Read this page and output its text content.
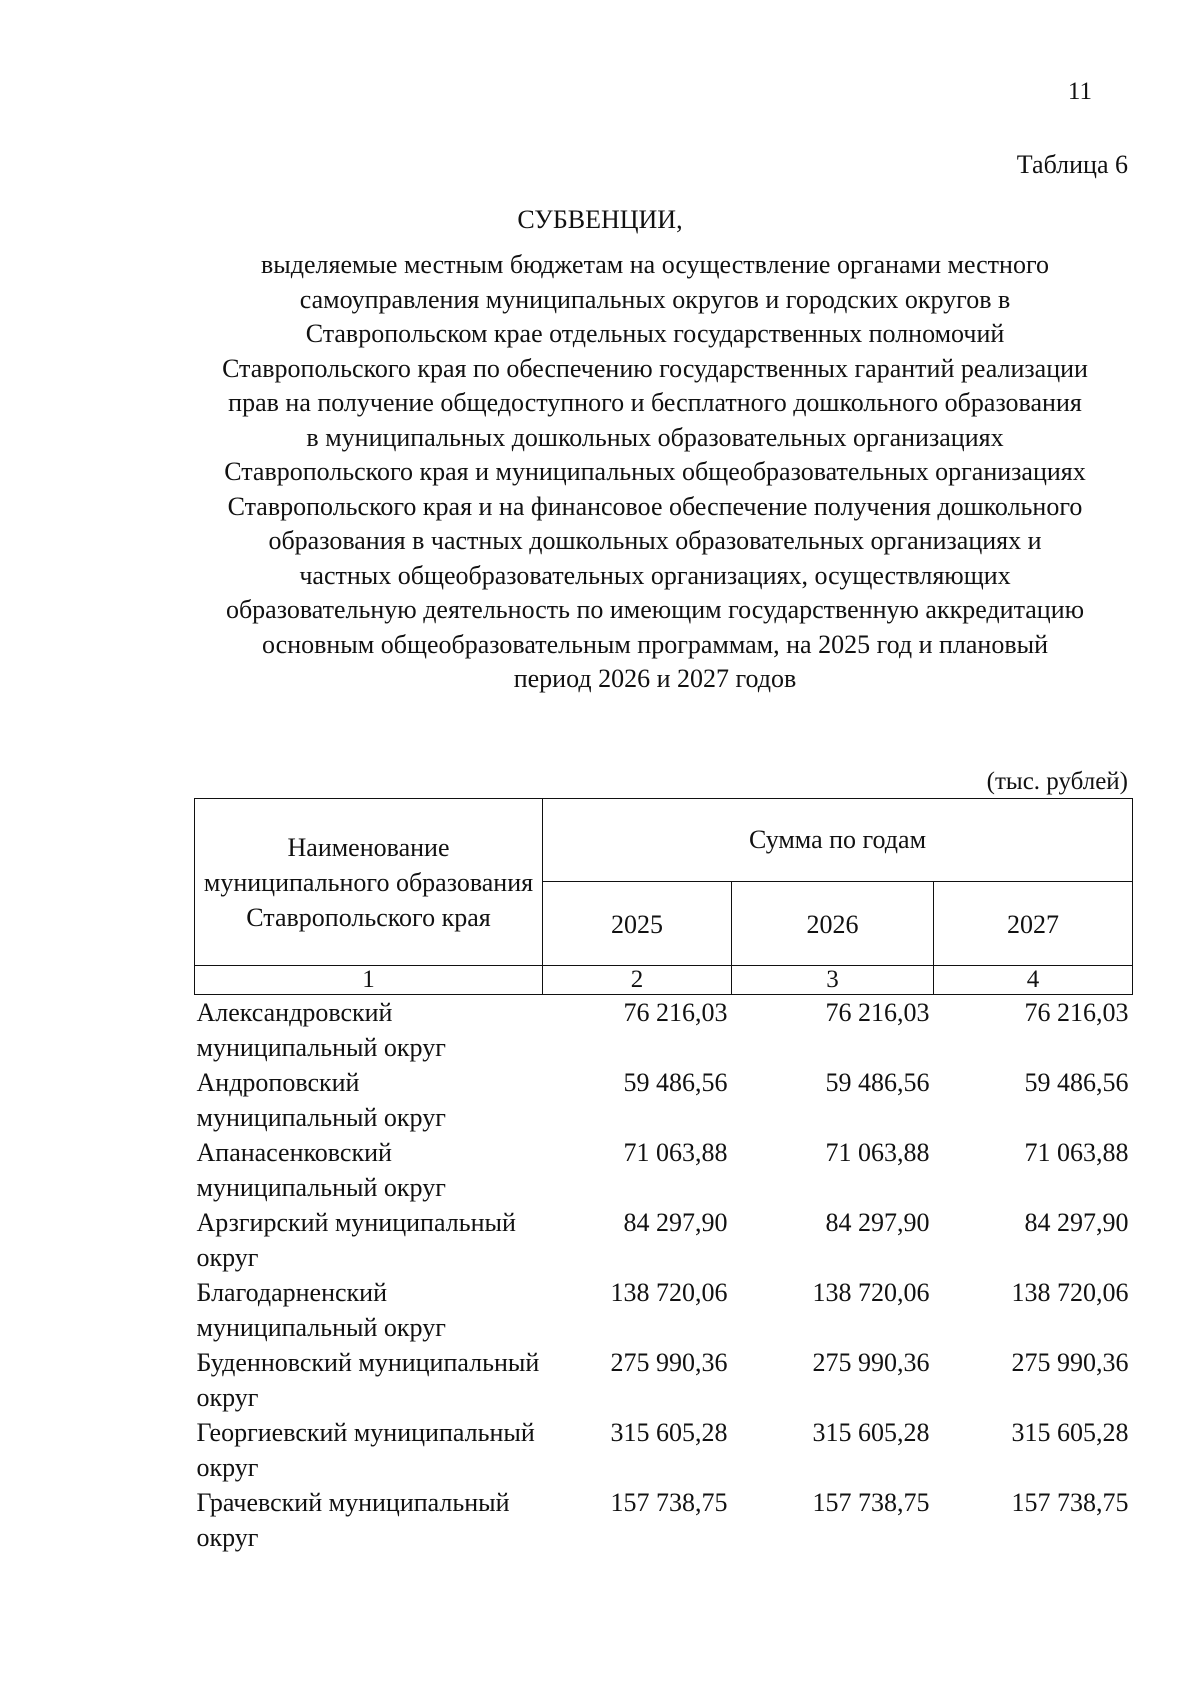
11
Таблица 6
СУБВЕНЦИИ,
выделяемые местным бюджетам на осуществление органами местного
самоуправления муниципальных округов и городских округов в
Ставропольском крае отдельных государственных полномочий
Ставропольского края по обеспечению государственных гарантий реализации
прав на получение общедоступного и бесплатного дошкольного образования
в муниципальных дошкольных образовательных организациях
Ставропольского края и муниципальных общеобразовательных организациях
Ставропольского края и на финансовое обеспечение получения дошкольного
образования в частных дошкольных образовательных организациях и
частных общеобразовательных организациях, осуществляющих
образовательную деятельность по имеющим государственную аккредитацию
основным общеобразовательным программам, на 2025 год и плановый
период 2026 и 2027 годов
(тыс. рублей)
Наименование муниципального образования Ставропольского края	Сумма по годам		
	2025	2026	2027
1	2	3	4

Александровский муниципальный округ	76 216,03	76 216,03	76 216,03

Андроповский муниципальный округ	59 486,56	59 486,56	59 486,56

Апанасенковский муниципальный округ	71 063,88	71 063,88	71 063,88

Арзгирский муниципальный округ	84 297,90	84 297,90	84 297,90

Благодарненский муниципальный округ	138 720,06	138 720,06	138 720,06

Буденновский муниципальный округ	275 990,36	275 990,36	275 990,36

Георгиевский муниципальный округ	315 605,28	315 605,28	315 605,28

Грачевский муниципальный округ	157 738,75	157 738,75	157 738,75
